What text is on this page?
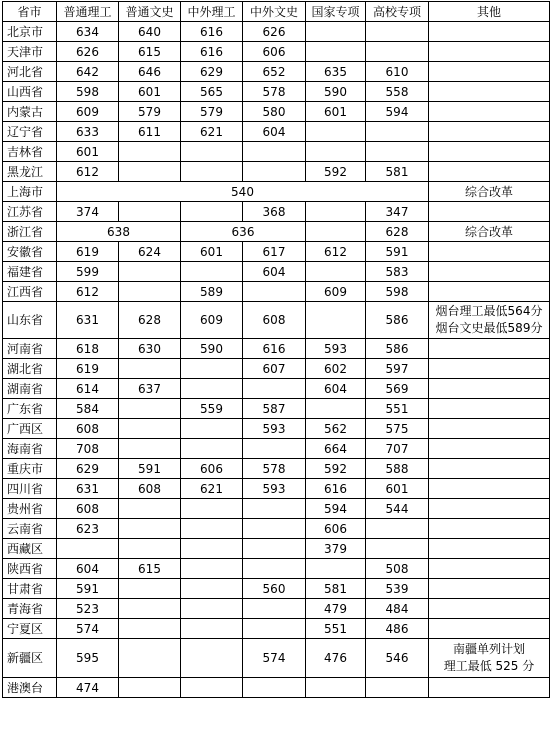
省市	普通理工	普通文史	中外理工	中外文史	国家专项	高校专项	其他
北京市	634	640	616	626			
天津市	626	615	616	606			
河北省	642	646	629	652	635	610	
山西省	598	601	565	578	590	558	
内蒙古	609	579	579	580	601	594	
辽宁省	633	611	621	604			
吉林省	601						
黑龙江	612				592	581	
上海市	540						综合改革
江苏省	374			368		347	
浙江省	638		636			628	综合改革
安徽省	619	624	601	617	612	591	
福建省	599			604		583	
江西省	612		589		609	598	
山东省	631	628	609	608		586	烟台理工最低564分
烟台文史最低589分

河南省	618	630	590	616	593	586	
湖北省	619			607	602	597	
湖南省	614	637			604	569	
广东省	584		559	587		551	
广西区	608			593	562	575	
海南省	708				664	707	
重庆市	629	591	606	578	592	588	
四川省	631	608	621	593	616	601	
贵州省	608				594	544	
云南省	623				606		
西藏区					379		
陕西省	604	615				508	
甘肃省	591			560	581	539	
青海省	523				479	484	
宁夏区	574				551	486	
新疆区	595			574	476	546	南疆单列计划
理工最低 525 分

港澳台	474						
